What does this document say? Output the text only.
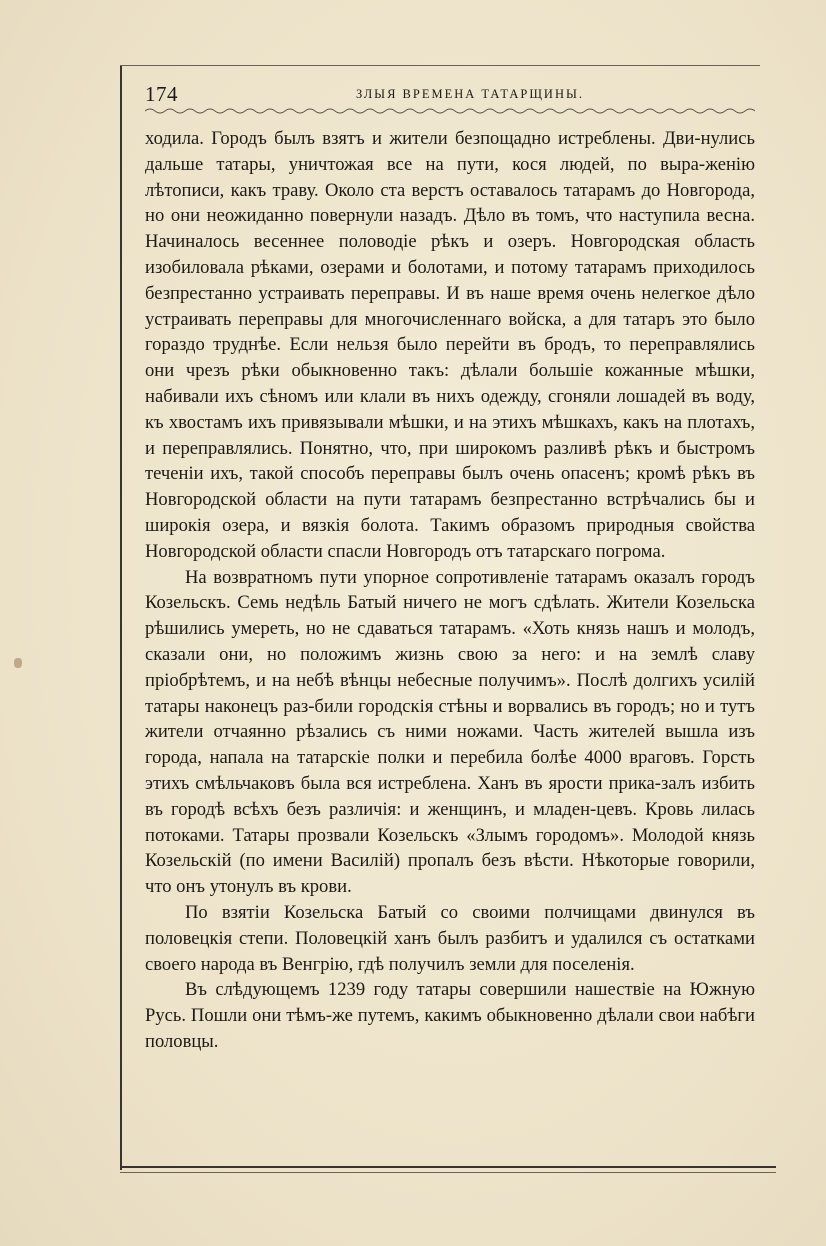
174	ЗЛЫЯ ВРЕМЕНА ТАТАРЩИНЫ.

ходила. Городъ былъ взятъ и жители безпощадно истреблены. Дви-нулись дальше татары, уничтожая все на пути, кося людей, по выра-женію лѣтописи, какъ траву. Около ста верстъ оставалось татарамъ до Новгорода, но они неожиданно повернули назадъ. Дѣло въ томъ, что наступила весна. Начиналось весеннее половодіе рѣкъ и озеръ. Новгородская область изобиловала рѣками, озерами и болотами, и потому татарамъ приходилось безпрестанно устраивать переправы. И въ наше время очень нелегкое дѣло устраивать переправы для многочисленнаго войска, а для татаръ это было гораздо труднѣе. Если нельзя было перейти въ бродъ, то переправлялись они чрезъ рѣки обыкновенно такъ: дѣлали большіе кожанные мѣшки, набивали ихъ сѣномъ или клали въ нихъ одежду, сгоняли лошадей въ воду, къ хвостамъ ихъ привязывали мѣшки, и на этихъ мѣшкахъ, какъ на плотахъ, и переправлялись. Понятно, что, при широкомъ разливѣ рѣкъ и быстромъ теченіи ихъ, такой способъ переправы былъ очень опасенъ; кромѣ рѣкъ въ Новгородской области на пути татарамъ безпрестанно встрѣчались бы и широкія озера, и вязкія болота. Такимъ образомъ природныя свойства Новгородской области спасли Новгородъ отъ татарскаго погрома.

На возвратномъ пути упорное сопротивленіе татарамъ оказалъ городъ Козельскъ. Семь недѣль Батый ничего не могъ сдѣлать. Жители Козельска рѣшились умереть, но не сдаваться татарамъ. «Хоть князь нашъ и молодъ, сказали они, но положимъ жизнь свою за него: и на землѣ славу пріобрѣтемъ, и на небѣ вѣнцы небесные получимъ». Послѣ долгихъ усилій татары наконецъ раз-били городскія стѣны и ворвались въ городъ; но и тутъ жители отчаянно рѣзались съ ними ножами. Часть жителей вышла изъ города, напала на татарскіе полки и перебила болѣе 4000 враговъ. Горсть этихъ смѣльчаковъ была вся истреблена. Ханъ въ ярости прика-залъ избить въ городѣ всѣхъ безъ различія: и женщинъ, и младен-цевъ. Кровь лилась потоками. Татары прозвали Козельскъ «Злымъ городомъ». Молодой князь Козельскій (по имени Василій) пропалъ безъ вѣсти. Нѣкоторые говорили, что онъ утонулъ въ крови.

По взятіи Козельска Батый со своими полчищами двинулся въ половецкія степи. Половецкій ханъ былъ разбитъ и удалился съ остатками своего народа въ Венгрію, гдѣ получилъ земли для поселенія.

Въ слѣдующемъ 1239 году татары совершили нашествіе на Южную Русь. Пошли они тѣмъ-же путемъ, какимъ обыкновенно дѣлали свои набѣги половцы.
